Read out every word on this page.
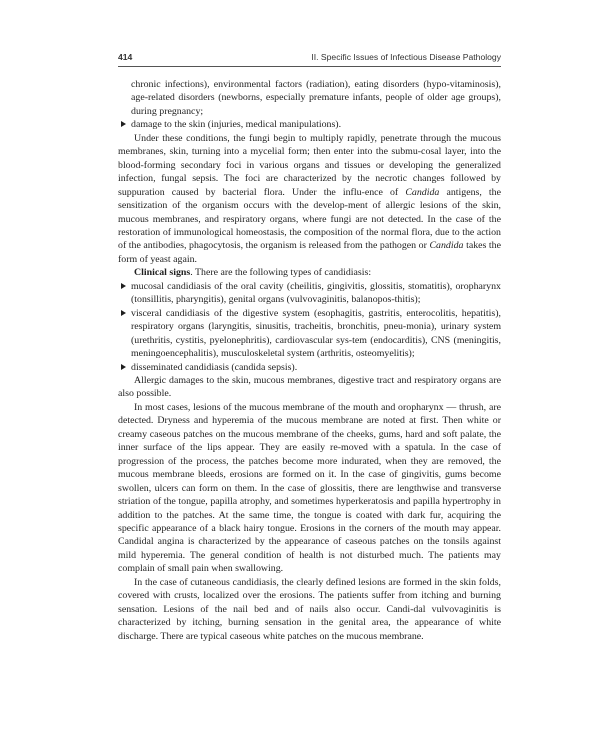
414	II. Specific Issues of Infectious Disease Pathology

chronic infections), environmental factors (radiation), eating disorders (hypo-vitaminosis), age-related disorders (newborns, especially premature infants, people of older age groups), during pregnancy;

damage to the skin (injuries, medical manipulations).

Under these conditions, the fungi begin to multiply rapidly, penetrate through the mucous membranes, skin, turning into a mycelial form; then enter into the submu-cosal layer, into the blood-forming secondary foci in various organs and tissues or developing the generalized infection, fungal sepsis. The foci are characterized by the necrotic changes followed by suppuration caused by bacterial flora. Under the influ-ence of Candida antigens, the sensitization of the organism occurs with the develop-ment of allergic lesions of the skin, mucous membranes, and respiratory organs, where fungi are not detected. In the case of the restoration of immunological homeostasis, the composition of the normal flora, due to the action of the antibodies, phagocytosis, the organism is released from the pathogen or Candida takes the form of yeast again.

Clinical signs. There are the following types of candidiasis:

mucosal candidiasis of the oral cavity (cheilitis, gingivitis, glossitis, stomatitis), oropharynx (tonsillitis, pharyngitis), genital organs (vulvovaginitis, balanopos-thitis);

visceral candidiasis of the digestive system (esophagitis, gastritis, enterocolitis, hepatitis), respiratory organs (laryngitis, sinusitis, tracheitis, bronchitis, pneu-monia), urinary system (urethritis, cystitis, pyelonephritis), cardiovascular sys-tem (endocarditis), CNS (meningitis, meningoencephalitis), musculoskeletal system (arthritis, osteomyelitis);

disseminated candidiasis (candida sepsis).

Allergic damages to the skin, mucous membranes, digestive tract and respiratory organs are also possible.

In most cases, lesions of the mucous membrane of the mouth and oropharynx — thrush, are detected. Dryness and hyperemia of the mucous membrane are noted at first. Then white or creamy caseous patches on the mucous membrane of the cheeks, gums, hard and soft palate, the inner surface of the lips appear. They are easily re-moved with a spatula. In the case of progression of the process, the patches become more indurated, when they are removed, the mucous membrane bleeds, erosions are formed on it. In the case of gingivitis, gums become swollen, ulcers can form on them. In the case of glossitis, there are lengthwise and transverse striation of the tongue, papilla atrophy, and sometimes hyperkeratosis and papilla hypertrophy in addition to the patches. At the same time, the tongue is coated with dark fur, acquiring the specific appearance of a black hairy tongue. Erosions in the corners of the mouth may appear. Candidal angina is characterized by the appearance of caseous patches on the tonsils against mild hyperemia. The general condition of health is not disturbed much. The patients may complain of small pain when swallowing.

In the case of cutaneous candidiasis, the clearly defined lesions are formed in the skin folds, covered with crusts, localized over the erosions. The patients suffer from itching and burning sensation. Lesions of the nail bed and of nails also occur. Candi-dal vulvovaginitis is characterized by itching, burning sensation in the genital area, the appearance of white discharge. There are typical caseous white patches on the mucous membrane.
